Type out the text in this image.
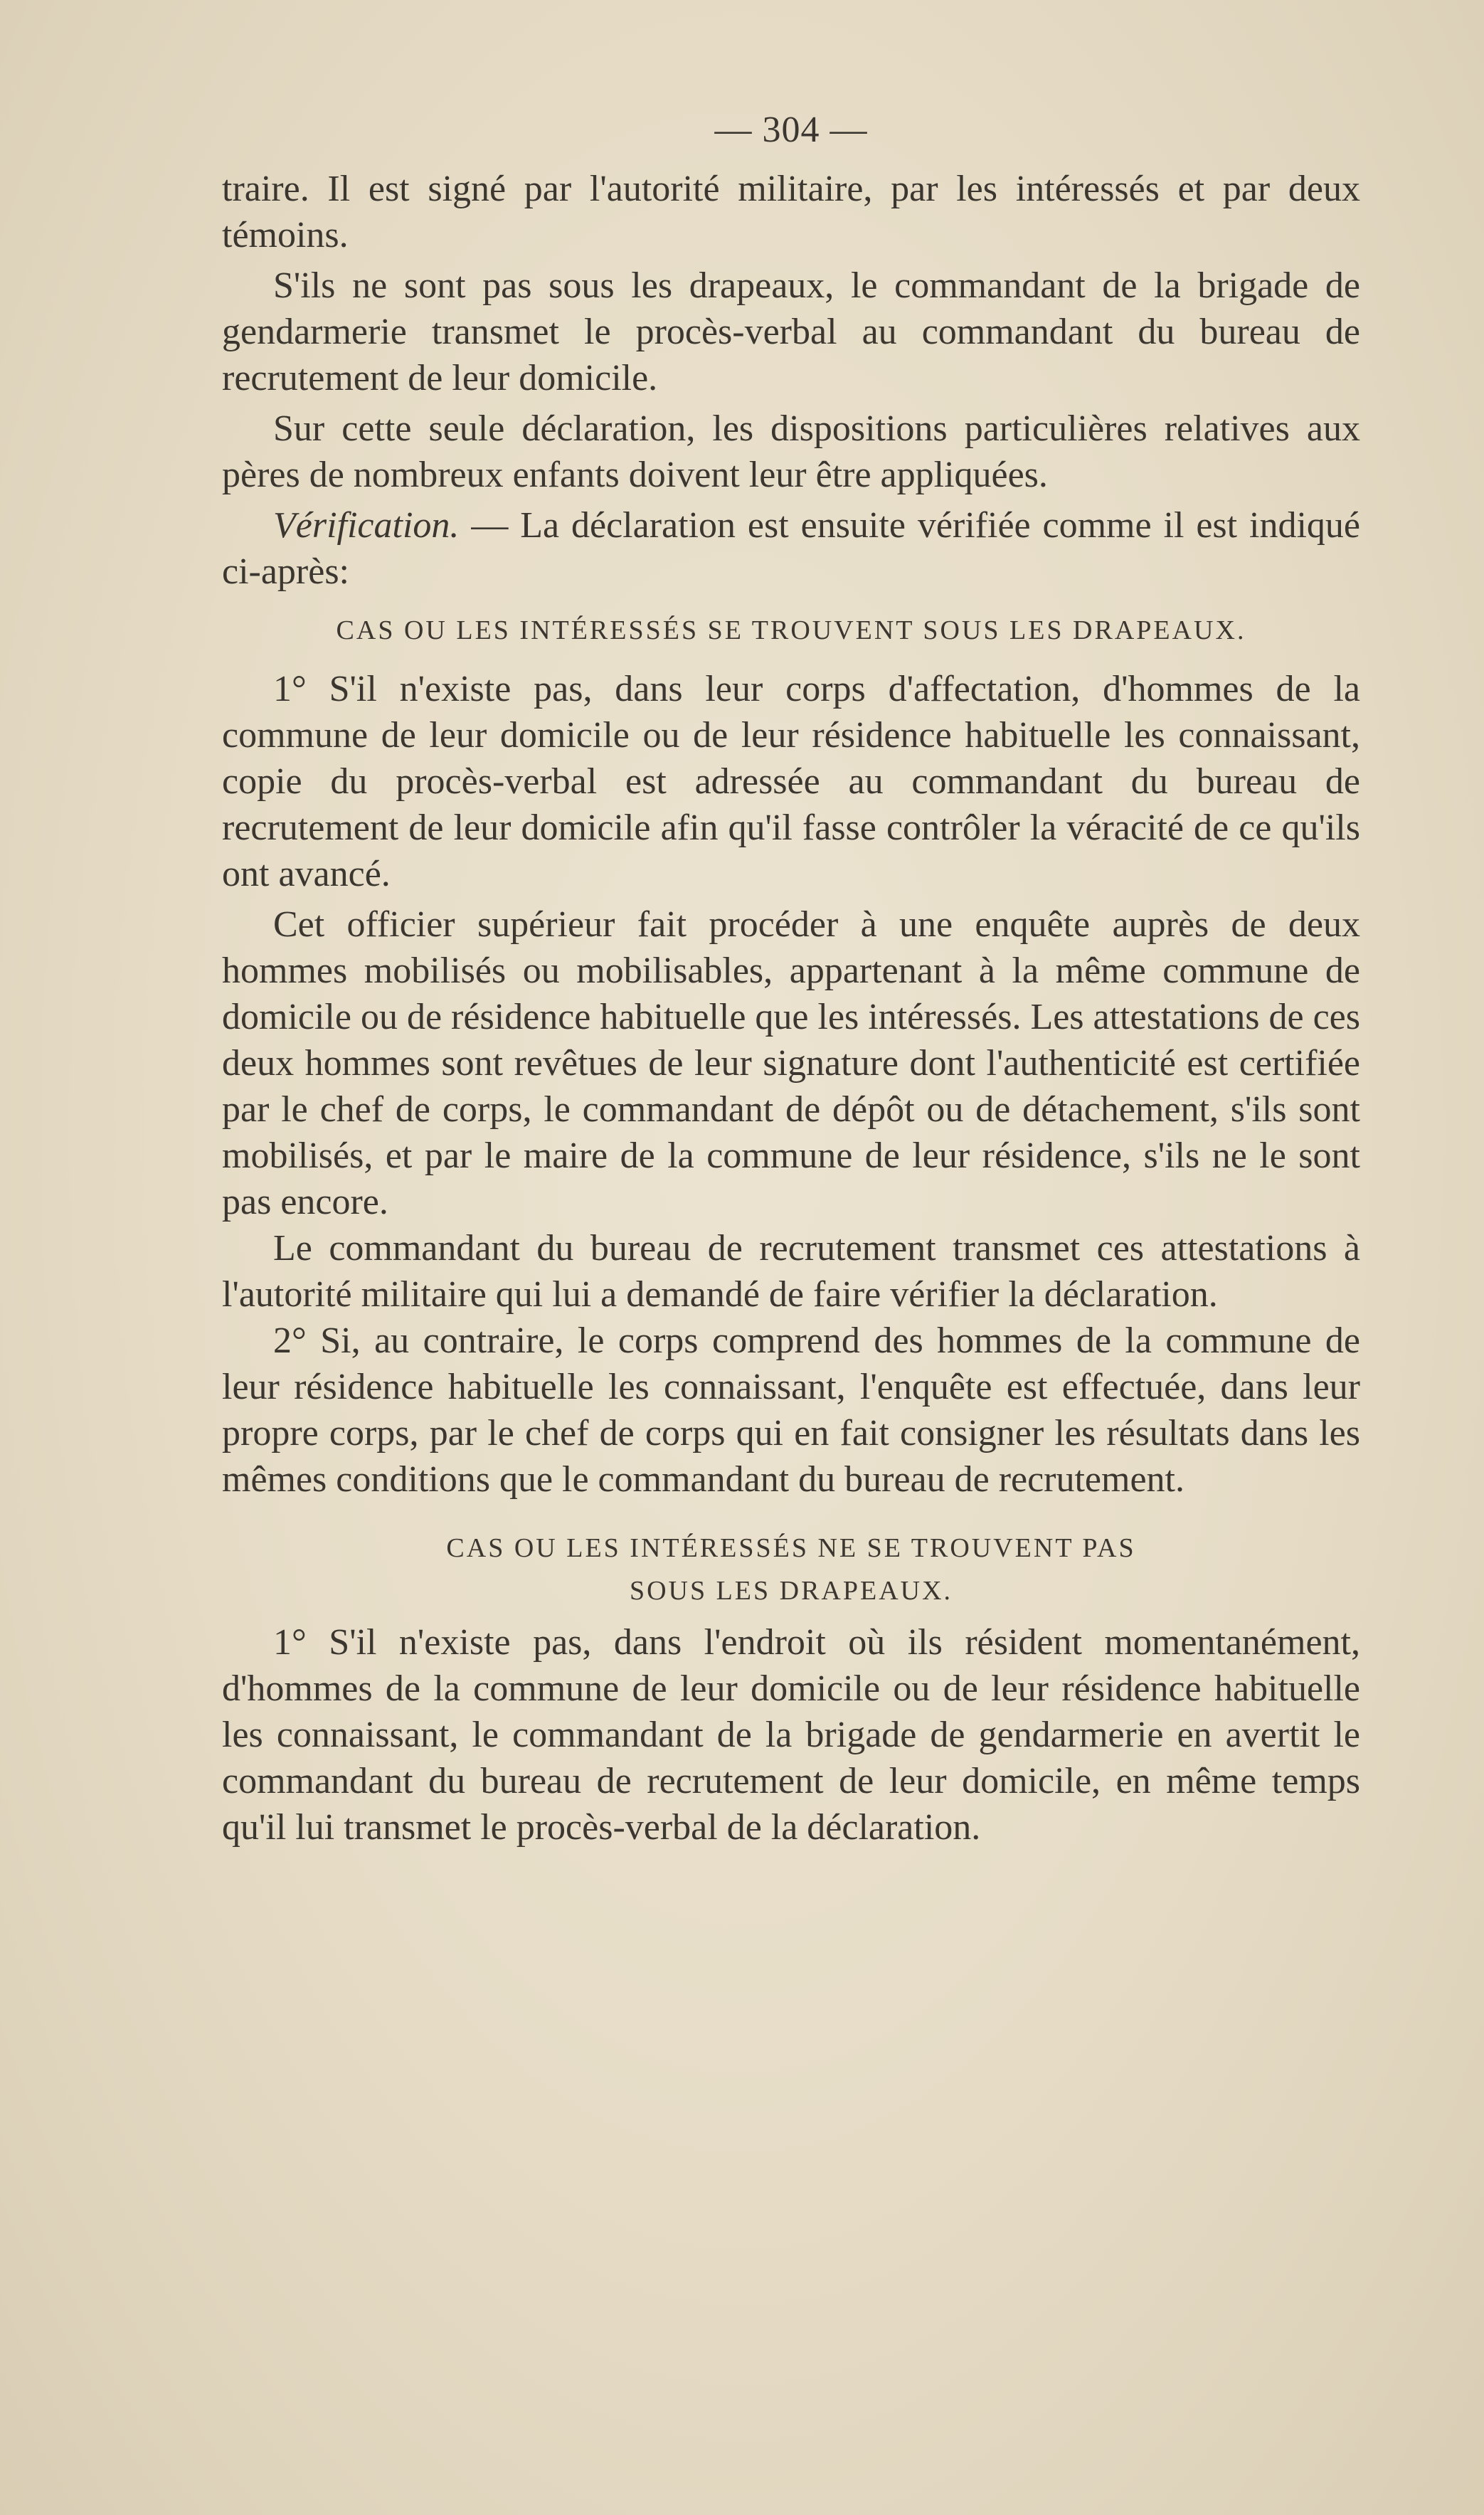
— 304 —

traire. Il est signé par l'autorité militaire, par les intéressés et par deux témoins.

S'ils ne sont pas sous les drapeaux, le commandant de la brigade de gendarmerie transmet le procès-verbal au commandant du bureau de recrutement de leur domicile.

Sur cette seule déclaration, les dispositions particulières relatives aux pères de nombreux enfants doivent leur être appliquées.

Vérification. — La déclaration est ensuite vérifiée comme il est indiqué ci-après:

CAS OU LES INTÉRESSÉS SE TROUVENT SOUS LES DRAPEAUX.

1° S'il n'existe pas, dans leur corps d'affectation, d'hommes de la commune de leur domicile ou de leur résidence habituelle les connaissant, copie du procès-verbal est adressée au commandant du bureau de recrutement de leur domicile afin qu'il fasse contrôler la véracité de ce qu'ils ont avancé.

Cet officier supérieur fait procéder à une enquête auprès de deux hommes mobilisés ou mobilisables, appartenant à la même commune de domicile ou de résidence habituelle que les intéressés. Les attestations de ces deux hommes sont revêtues de leur signature dont l'authenticité est certifiée par le chef de corps, le commandant de dépôt ou de détachement, s'ils sont mobilisés, et par le maire de la commune de leur résidence, s'ils ne le sont pas encore.

Le commandant du bureau de recrutement transmet ces attestations à l'autorité militaire qui lui a demandé de faire vérifier la déclaration.

2° Si, au contraire, le corps comprend des hommes de la commune de leur résidence habituelle les connaissant, l'enquête est effectuée, dans leur propre corps, par le chef de corps qui en fait consigner les résultats dans les mêmes conditions que le commandant du bureau de recrutement.

CAS OU LES INTÉRESSÉS NE SE TROUVENT PAS
SOUS LES DRAPEAUX.

1° S'il n'existe pas, dans l'endroit où ils résident momentanément, d'hommes de la commune de leur domicile ou de leur résidence habituelle les connaissant, le commandant de la brigade de gendarmerie en avertit le commandant du bureau de recrutement de leur domicile, en même temps qu'il lui transmet le procès-verbal de la déclaration.
